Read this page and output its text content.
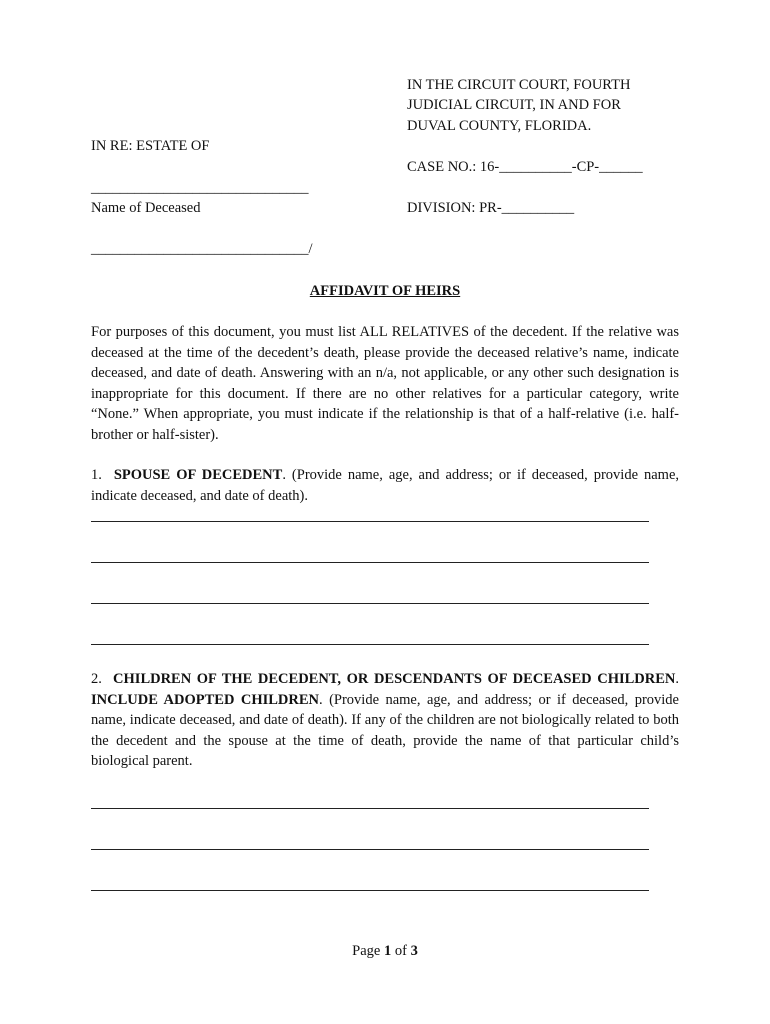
IN THE CIRCUIT COURT, FOURTH
JUDICIAL CIRCUIT, IN AND FOR
DUVAL COUNTY, FLORIDA.
IN RE: ESTATE OF
______________________________
Name of Deceased
______________________________/
CASE NO.: 16-__________-CP-______
DIVISION: PR-__________
AFFIDAVIT OF HEIRS
For purposes of this document, you must list ALL RELATIVES of the decedent. If the relative was deceased at the time of the decedent’s death, please provide the deceased relative’s name, indicate deceased, and date of death. Answering with an n/a, not applicable, or any other such designation is inappropriate for this document. If there are no other relatives for a particular category, write “None.” When appropriate, you must indicate if the relationship is that of a half-relative (i.e. half-brother or half-sister).
1. SPOUSE OF DECEDENT. (Provide name, age, and address; or if deceased, provide name, indicate deceased, and date of death).
2. CHILDREN OF THE DECEDENT, OR DESCENDANTS OF DECEASED CHILDREN. INCLUDE ADOPTED CHILDREN. (Provide name, age, and address; or if deceased, provide name, indicate deceased, and date of death). If any of the children are not biologically related to both the decedent and the spouse at the time of death, provide the name of that particular child’s biological parent.
Page 1 of 3
